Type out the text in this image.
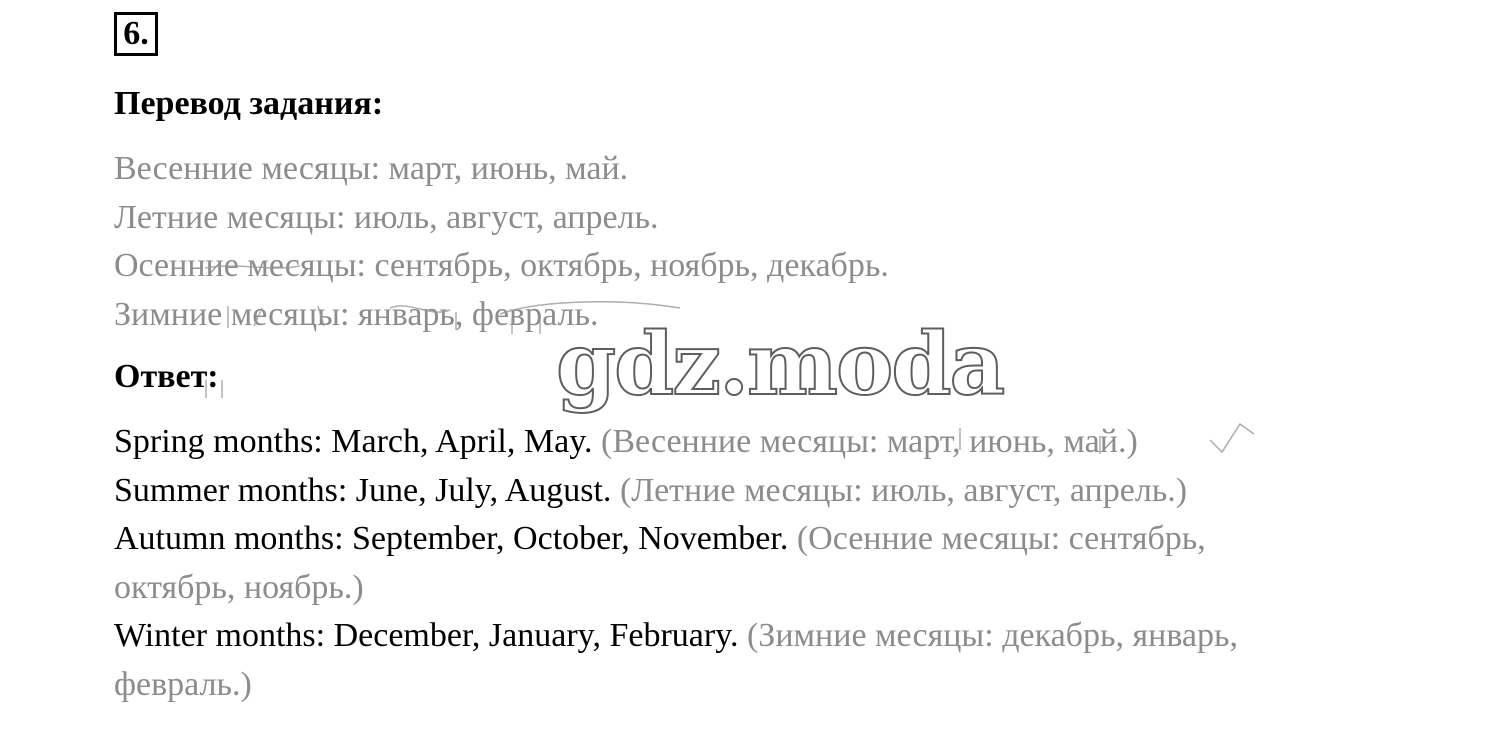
6.
Перевод задания:
Весенние месяцы: март, июнь, май.
Летние месяцы: июль, август, апрель.
Осенние месяцы: сентябрь, октябрь, ноябрь, декабрь.
Зимние месяцы: январь, февраль.
Ответ:
Spring months: March, April, May. (Весенние месяцы: март, июнь, май.)
Summer months: June, July, August. (Летние месяцы: июль, август, апрель.)
Autumn months: September, October, November. (Осенние месяцы: сентябрь,
октябрь, ноябрь.)
Winter months: December, January, February. (Зимние месяцы: декабрь, январь,
февраль.)
gdz.moda
